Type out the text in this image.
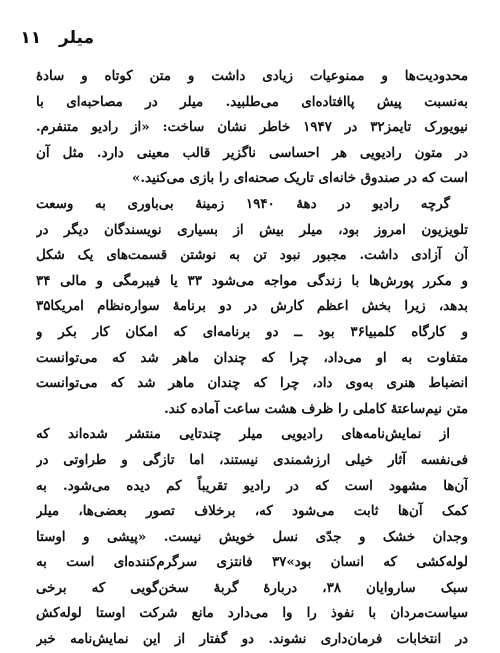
میلر ۱۱
محدودیت‌ها و ممنوعیات زیادی داشت و متن کوتاه و سادهٔ
به‌نسبت پیش پاافتاده‌ای می‌طلبید. میلر در مصاحبه‌ای با
نیویورک تایمز۳۲ در ۱۹۴۷ خاطر نشان ساخت: «از رادیو متنفرم.
در متون رادیویی هر احساسی ناگزیر قالب معینی دارد. مثل آن
است که در صندوق خانه‌ای تاریک صحنه‌ای را بازی می‌کنید.»
گرچه رادیو در دههٔ ۱۹۴۰ زمینهٔ بی‌باوری به وسعت
تلویزیون امروز بود، میلر بیش از بسیاری نویسندگان دیگر در
آن آزادی داشت. مجبور نبود تن به نوشتن قسمت‌های یک شکل
و مکرر پورش‌ها با زندگی مواجه می‌شود ۳۳ یا فیبرمگی و مالی ۳۴
بدهد، زیرا بخش اعظم کارش در دو برنامهٔ سواره‌نظام امریکا۳۵
و کارگاه کلمبیا۳۶ بود ــ دو برنامه‌ای که امکان کار بکر و
متفاوت به او می‌داد، چرا که چندان ماهر شد که می‌توانست
انضباط هنری به‌وی داد، چرا که چندان ماهر شد که می‌توانست
متن نیم‌ساعتهٔ کاملی را ظرف هشت ساعت آماده کند.
از نمایش‌نامه‌های رادیویی میلر چندتایی منتشر شده‌اند که
فی‌نفسه آثار خیلی ارزشمندی نیستند، اما تازگی و طراوتی در
آن‌ها مشهود است که در رادیو تقریباً کم دیده می‌شود. به
کمک آن‌ها ثابت می‌شود که، برخلاف تصور بعضی‌ها، میلر
وجدان خشک و جدّی نسل خویش نیست. «پیشی و اوستا
لوله‌کشی که انسان بود»۳۷ فانتزی سرگرم‌کننده‌ای است به
سبک ساروایان ۳۸، دربارهٔ گربهٔ سخن‌گویی که برخی
سیاست‌مردان با نفوذ را وا می‌دارد مانع شرکت اوستا لوله‌کش
در انتخابات فرمان‌داری نشوند. دو گفتار از این نمایش‌نامه خبر
